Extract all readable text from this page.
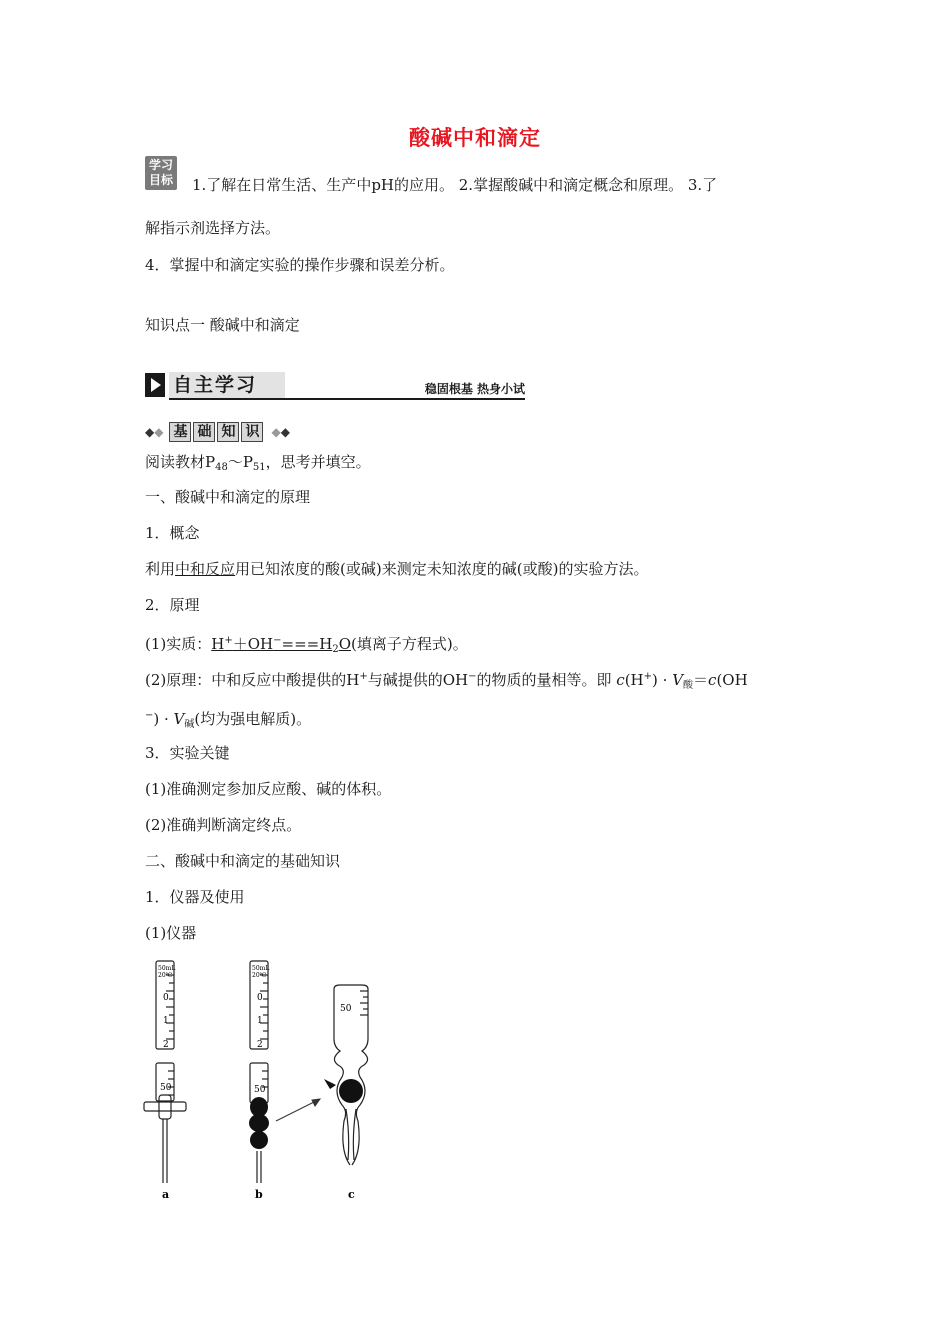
酸碱中和滴定
学习
目标 1.了解在日常生活、生产中pH的应用。 2.掌握酸碱中和滴定概念和原理。 3.了
解指示剂选择方法。
4．掌握中和滴定实验的操作步骤和误差分析。
知识点一 酸碱中和滴定
自主学习	稳固根基 热身小试
◆ ◆ 基 础 知 识	◆ ◆
阅读教材$P_{48}\sim P_{51}$，思考并填空。
一、酸碱中和滴定的原理
1．概念
利用中和反应用已知浓度的酸(或碱)来测定未知浓度的碱(或酸)的实验方法。
2．原理
(1)实质：$H^++OH^-===H_2O$(填离子方程式)。
(2)原理：中和反应中酸提供的H+与碱提供的OH−的物质的量相等。即 $c(H^+) \cdot V_酸=c(OH$
$^-) \cdot V_碱$(均为强电解质)。
3．实验关键
(1)准确测定参加反应酸、碱的体积。
(2)准确判断滴定终点。
二、酸碱中和滴定的基础知识
1．仪器及使用
(1)仪器
50mL
20℃
0
1
2
50
a
50mL
20℃
0
1
2
50
b
50
c
